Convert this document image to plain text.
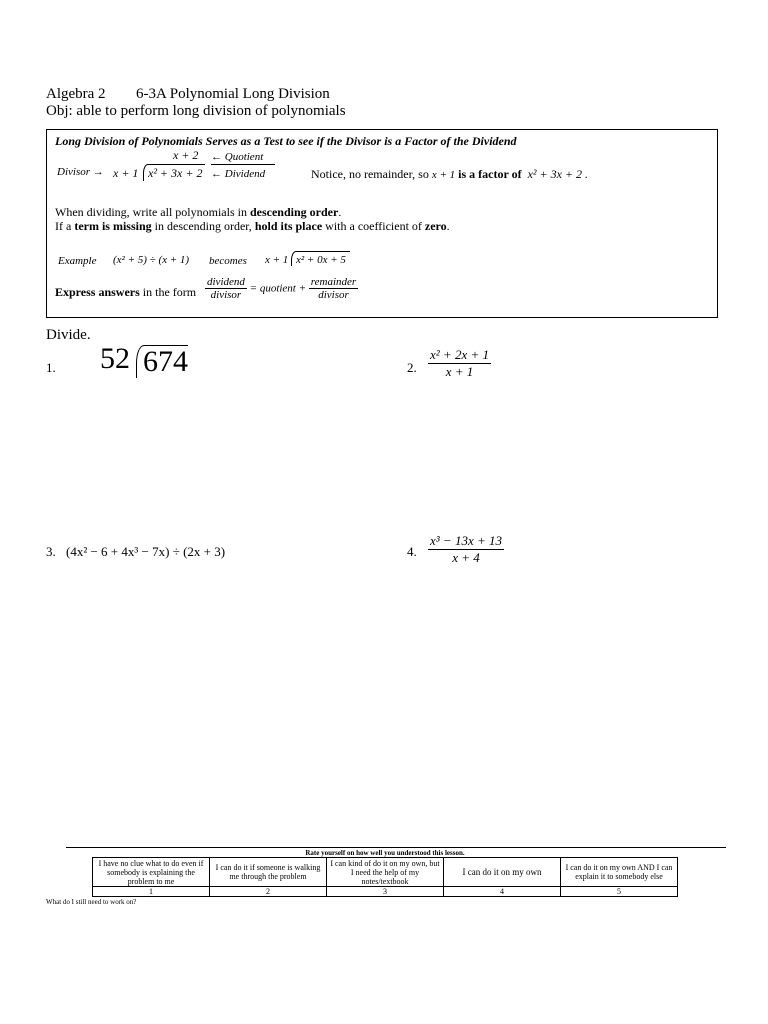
Algebra 2 6-3A Polynomial Long Division
Obj: able to perform long division of polynomials
Long Division of Polynomials Serves as a Test to see if the Divisor is a Factor of the Dividend
Divisor →
x + 2
x + 1 x² + 3x + 2
← Quotient
← Dividend	Notice, no remainder, so x + 1 is a factor of x² + 3x + 2 .
When dividing, write all polynomials in descending order.
If a term is missing in descending order, hold its place with a coefficient of zero.
Example (x² + 5) ÷ (x + 1) becomes x + 1 x² + 0x + 5
Express answers in the form $\frac{\text{dividend}}{\text{divisor}}$ = quotient + $\frac{\text{remainder}}{\text{divisor}}$
Divide.
1. 52 674	2. $\frac{\text{x² + 2x + 1}}{x + 1}$
3. (4x² − 6 + 4x³ − 7x) ÷ (2x + 3)	4. $\frac{\text{x³ − 13x + 13}}{x + 4}$
Rate yourself on how well you understood this lesson.
I have no clue what to do even if somebody is explaining the problem to me	I can do it if someone is walking me through the problem	I can kind of do it on my own, but I need the help of my notes/textbook	I can do it on my own	I can do it on my own AND I can explain it to somebody else
1	2	3	4	5
What do I still need to work on?
